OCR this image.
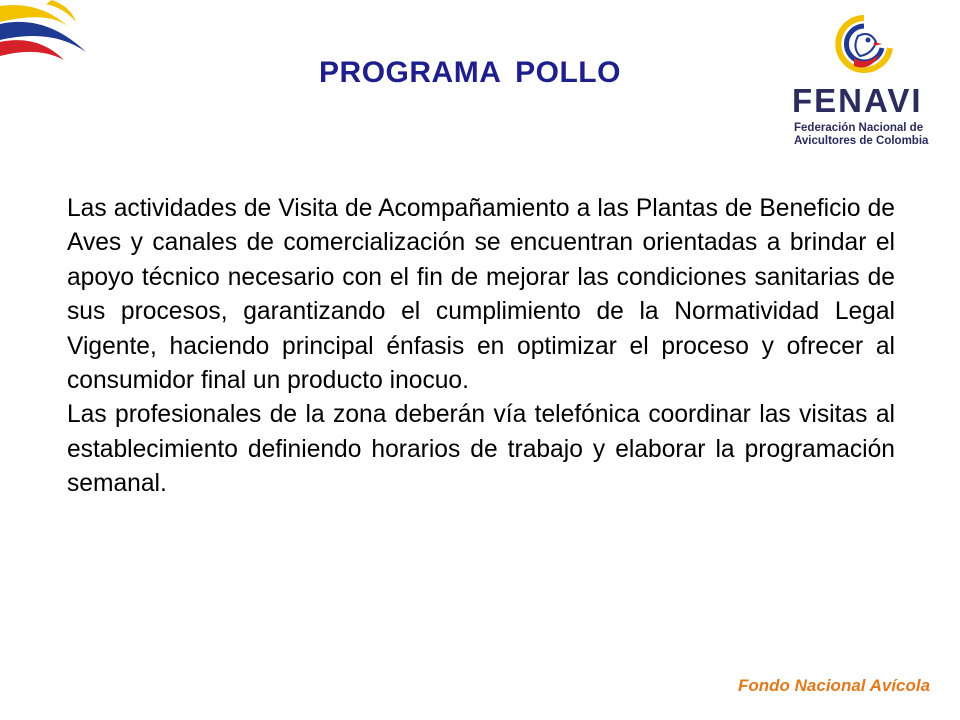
PROGRAMA POLLO
FENAVI
Federación Nacional de
Avicultores de Colombia

Las actividades de Visita de Acompañamiento a las Plantas de Beneficio de Aves y canales de comercialización se encuentran orientadas a brindar el apoyo técnico necesario con el fin de mejorar las condiciones sanitarias de sus procesos, garantizando el cumplimiento de la Normatividad Legal Vigente, haciendo principal énfasis en optimizar el proceso y ofrecer al consumidor final un producto inocuo.

Las profesionales de la zona deberán vía telefónica coordinar las visitas al establecimiento definiendo horarios de trabajo y elaborar la programación semanal.

Fondo Nacional Avícola
